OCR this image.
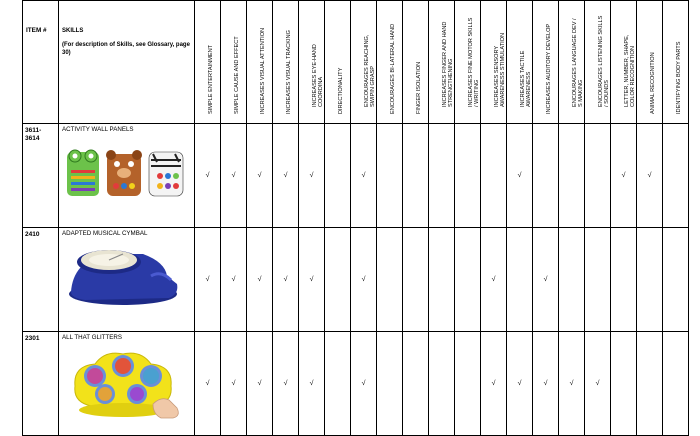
ITEM #	SKILLS
(For description of Skills, see Glossary, page 30)	SIMPLE ENTERTAINMENT	SIMPLE CAUSE AND EFFECT	INCREASES VISUAL ATTENTION	INCREASES VISUAL TRACKING	INCREASES EYE-HAND COORDINA	DIRECTIONALITY	ENCOURAGES REACHING, SWIPIN GRASP	ENCOURAGES BI-LATERAL HAND	FINGER ISOLATION	INCREASES FINGER AND HAND STRENGTHENING	INCREASES FINE MOTOR SKILLS / WRITING	INCREASES SENSORY AWARENESS STIMULATION	INCREASES TACTILE AWARENESS	INCREASES AUDITORY DEVELOP	ENCOURAGES LANGUAGE DEV / S MAKING	ENCOURAGES LISTENING SKILLS / SOUNDS	LETTER, NUMBER, SHAPE, COLOR RECOGNITION	ANIMAL RECOGNITION	IDENTIFYING BODY PARTS

3611-
3614	ACTIVITY WALL PANELS	√	√	√	√	√		√						√				√	√	
2410	ADAPTED MUSICAL CYMBAL	√	√	√	√	√		√					√		√					
2301	ALL THAT GLITTERS	√	√	√	√	√		√					√	√	√	√	√			
